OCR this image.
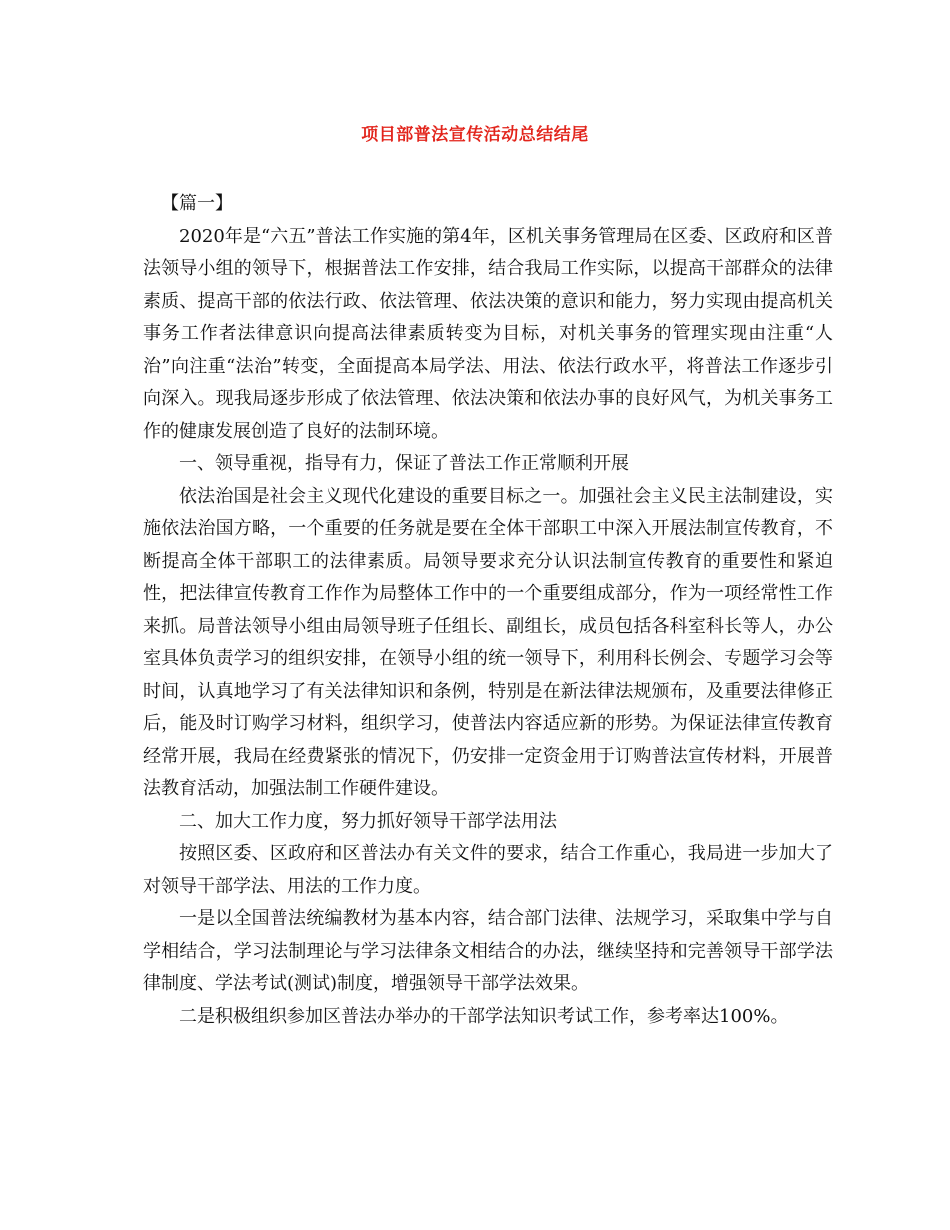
项目部普法宣传活动总结结尾

【篇一】

2020年是“六五”普法工作实施的第4年，区机关事务管理局在区委、区政府和区普法领导小组的领导下，根据普法工作安排，结合我局工作实际，以提高干部群众的法律素质、提高干部的依法行政、依法管理、依法决策的意识和能力，努力实现由提高机关事务工作者法律意识向提高法律素质转变为目标，对机关事务的管理实现由注重“人治”向注重“法治”转变，全面提高本局学法、用法、依法行政水平，将普法工作逐步引向深入。现我局逐步形成了依法管理、依法决策和依法办事的良好风气，为机关事务工作的健康发展创造了良好的法制环境。

一、领导重视，指导有力，保证了普法工作正常顺利开展

依法治国是社会主义现代化建设的重要目标之一。加强社会主义民主法制建设，实施依法治国方略，一个重要的任务就是要在全体干部职工中深入开展法制宣传教育，不断提高全体干部职工的法律素质。局领导要求充分认识法制宣传教育的重要性和紧迫性，把法律宣传教育工作作为局整体工作中的一个重要组成部分，作为一项经常性工作来抓。局普法领导小组由局领导班子任组长、副组长，成员包括各科室科长等人，办公室具体负责学习的组织安排，在领导小组的统一领导下，利用科长例会、专题学习会等时间，认真地学习了有关法律知识和条例，特别是在新法律法规颁布，及重要法律修正后，能及时订购学习材料，组织学习，使普法内容适应新的形势。为保证法律宣传教育经常开展，我局在经费紧张的情况下，仍安排一定资金用于订购普法宣传材料，开展普法教育活动，加强法制工作硬件建设。

二、加大工作力度，努力抓好领导干部学法用法

按照区委、区政府和区普法办有关文件的要求，结合工作重心，我局进一步加大了对领导干部学法、用法的工作力度。

一是以全国普法统编教材为基本内容，结合部门法律、法规学习，采取集中学与自学相结合，学习法制理论与学习法律条文相结合的办法，继续坚持和完善领导干部学法律制度、学法考试(测试)制度，增强领导干部学法效果。

二是积极组织参加区普法办举办的干部学法知识考试工作，参考率达100%。
